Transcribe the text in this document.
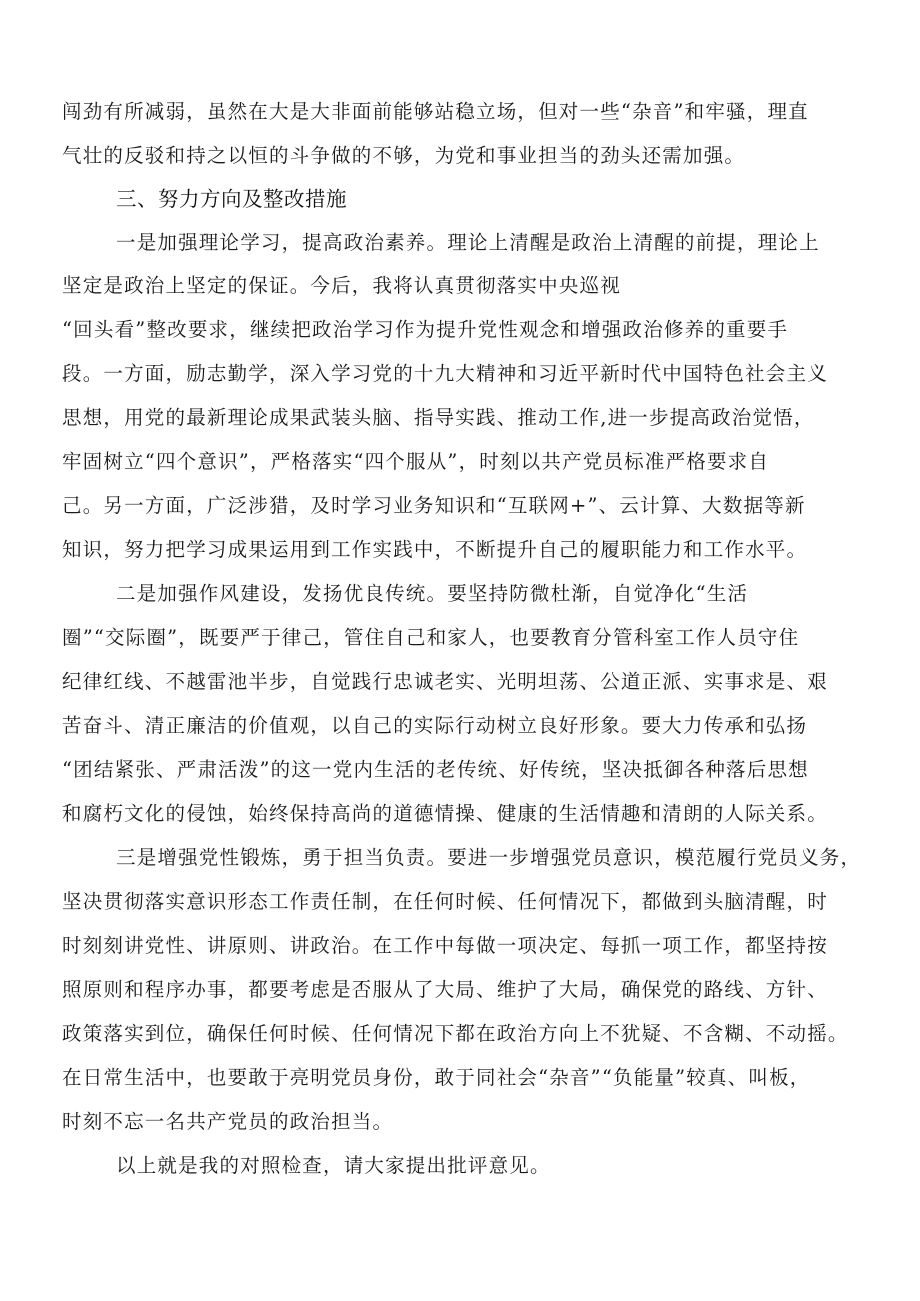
闯劲有所减弱，虽然在大是大非面前能够站稳立场，但对一些“杂音”和牢骚，理直
气壮的反驳和持之以恒的斗争做的不够，为党和事业担当的劲头还需加强。
三、努力方向及整改措施
一是加强理论学习，提高政治素养。理论上清醒是政治上清醒的前提，理论上
坚定是政治上坚定的保证。今后，我将认真贯彻落实中央巡视
“回头看”整改要求，继续把政治学习作为提升党性观念和增强政治修养的重要手
段。一方面，励志勤学，深入学习党的十九大精神和习近平新时代中国特色社会主义
思想，用党的最新理论成果武装头脑、指导实践、推动工作,进一步提高政治觉悟，
牢固树立“四个意识”，严格落实“四个服从”，时刻以共产党员标准严格要求自
己。另一方面，广泛涉猎，及时学习业务知识和“互联网+”、云计算、大数据等新
知识，努力把学习成果运用到工作实践中，不断提升自己的履职能力和工作水平。
二是加强作风建设，发扬优良传统。要坚持防微杜渐，自觉净化“生活
圈”“交际圈”，既要严于律己，管住自己和家人，也要教育分管科室工作人员守住
纪律红线、不越雷池半步，自觉践行忠诚老实、光明坦荡、公道正派、实事求是、艰
苦奋斗、清正廉洁的价值观，以自己的实际行动树立良好形象。要大力传承和弘扬
“团结紧张、严肃活泼”的这一党内生活的老传统、好传统，坚决抵御各种落后思想
和腐朽文化的侵蚀，始终保持高尚的道德情操、健康的生活情趣和清朗的人际关系。
三是增强党性锻炼，勇于担当负责。要进一步增强党员意识，模范履行党员义务，
坚决贯彻落实意识形态工作责任制，在任何时候、任何情况下，都做到头脑清醒，时
时刻刻讲党性、讲原则、讲政治。在工作中每做一项决定、每抓一项工作，都坚持按
照原则和程序办事，都要考虑是否服从了大局、维护了大局，确保党的路线、方针、
政策落实到位，确保任何时候、任何情况下都在政治方向上不犹疑、不含糊、不动摇。
在日常生活中，也要敢于亮明党员身份，敢于同社会“杂音”“负能量”较真、叫板，
时刻不忘一名共产党员的政治担当。
以上就是我的对照检查，请大家提出批评意见。
